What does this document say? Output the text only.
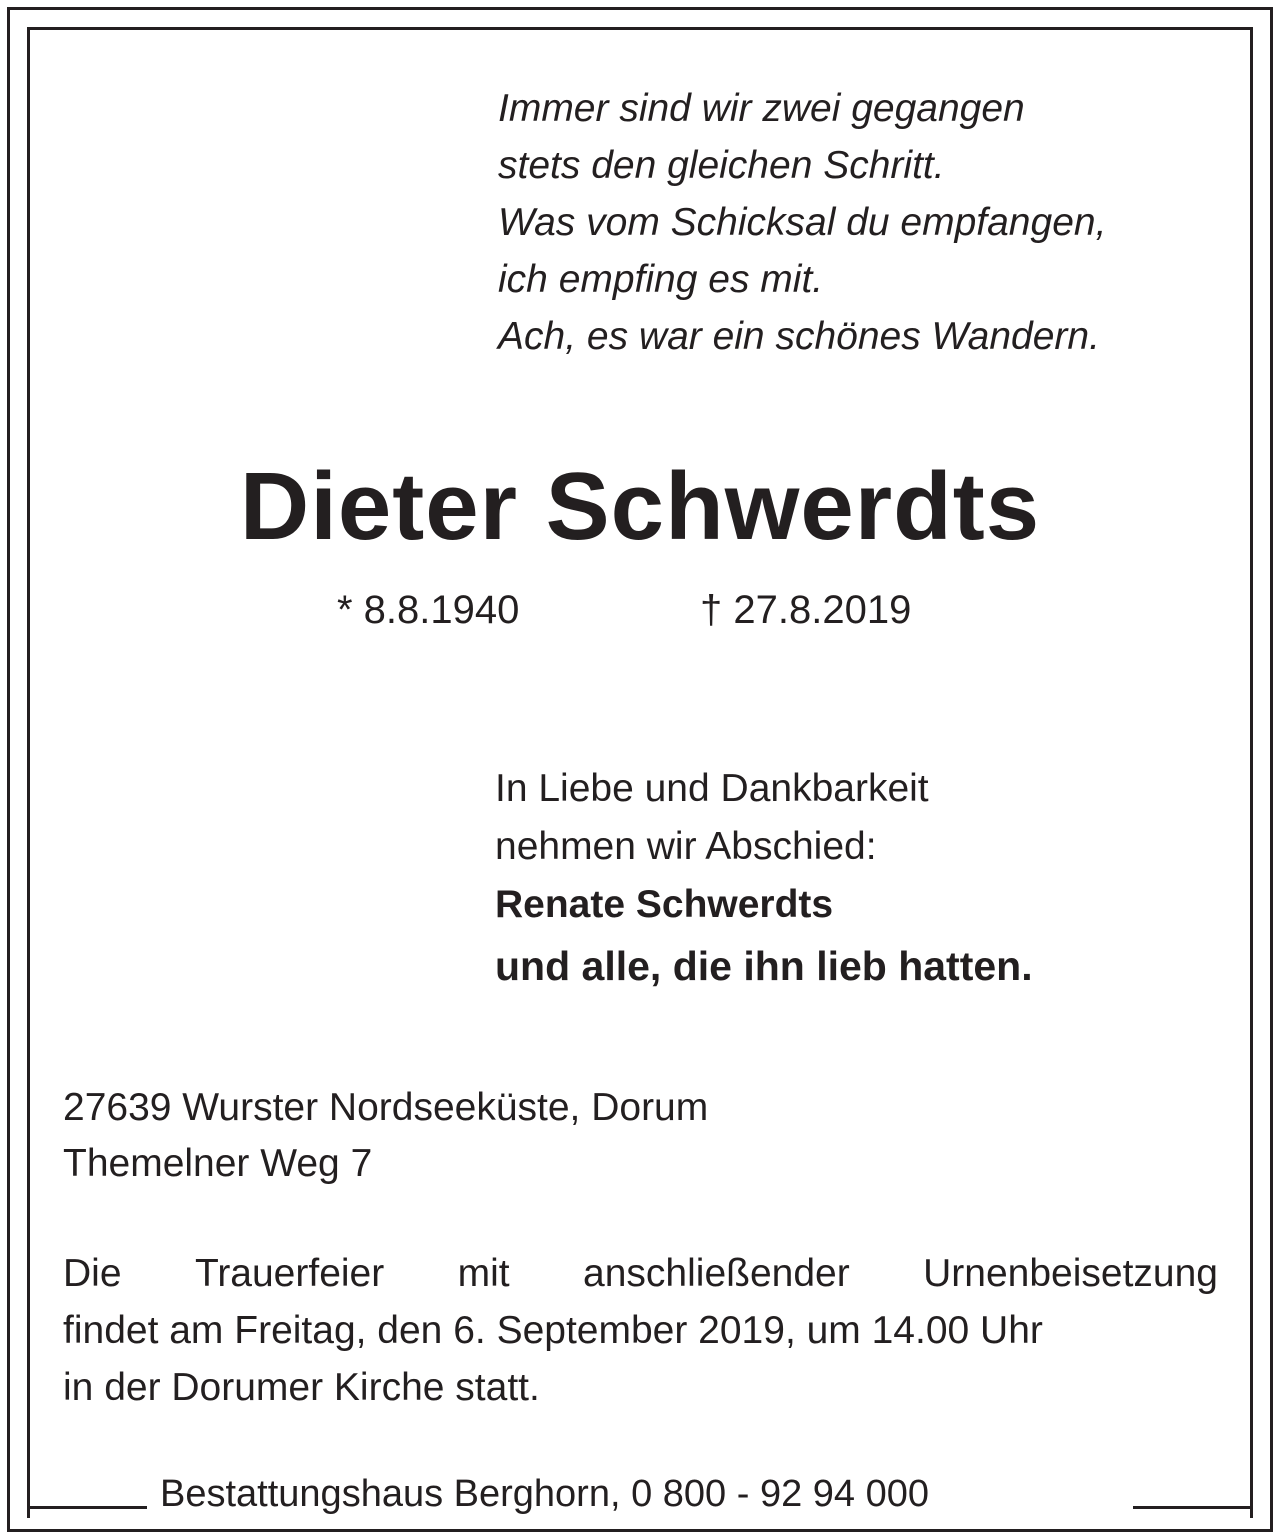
Immer sind wir zwei gegangen
stets den gleichen Schritt.
Was vom Schicksal du empfangen,
ich empfing es mit.
Ach, es war ein schönes Wandern.
Dieter Schwerdts
* 8.8.1940	† 27.8.2019
In Liebe und Dankbarkeit
nehmen wir Abschied:
Renate Schwerdts
und alle, die ihn lieb hatten.
27639 Wurster Nordseeküste, Dorum
Themelner Weg 7
Die Trauerfeier mit anschließender Urnenbeisetzung
findet am Freitag, den 6. September 2019, um 14.00 Uhr
in der Dorumer Kirche statt.
Bestattungshaus Berghorn, 0 800 - 92 94 000
